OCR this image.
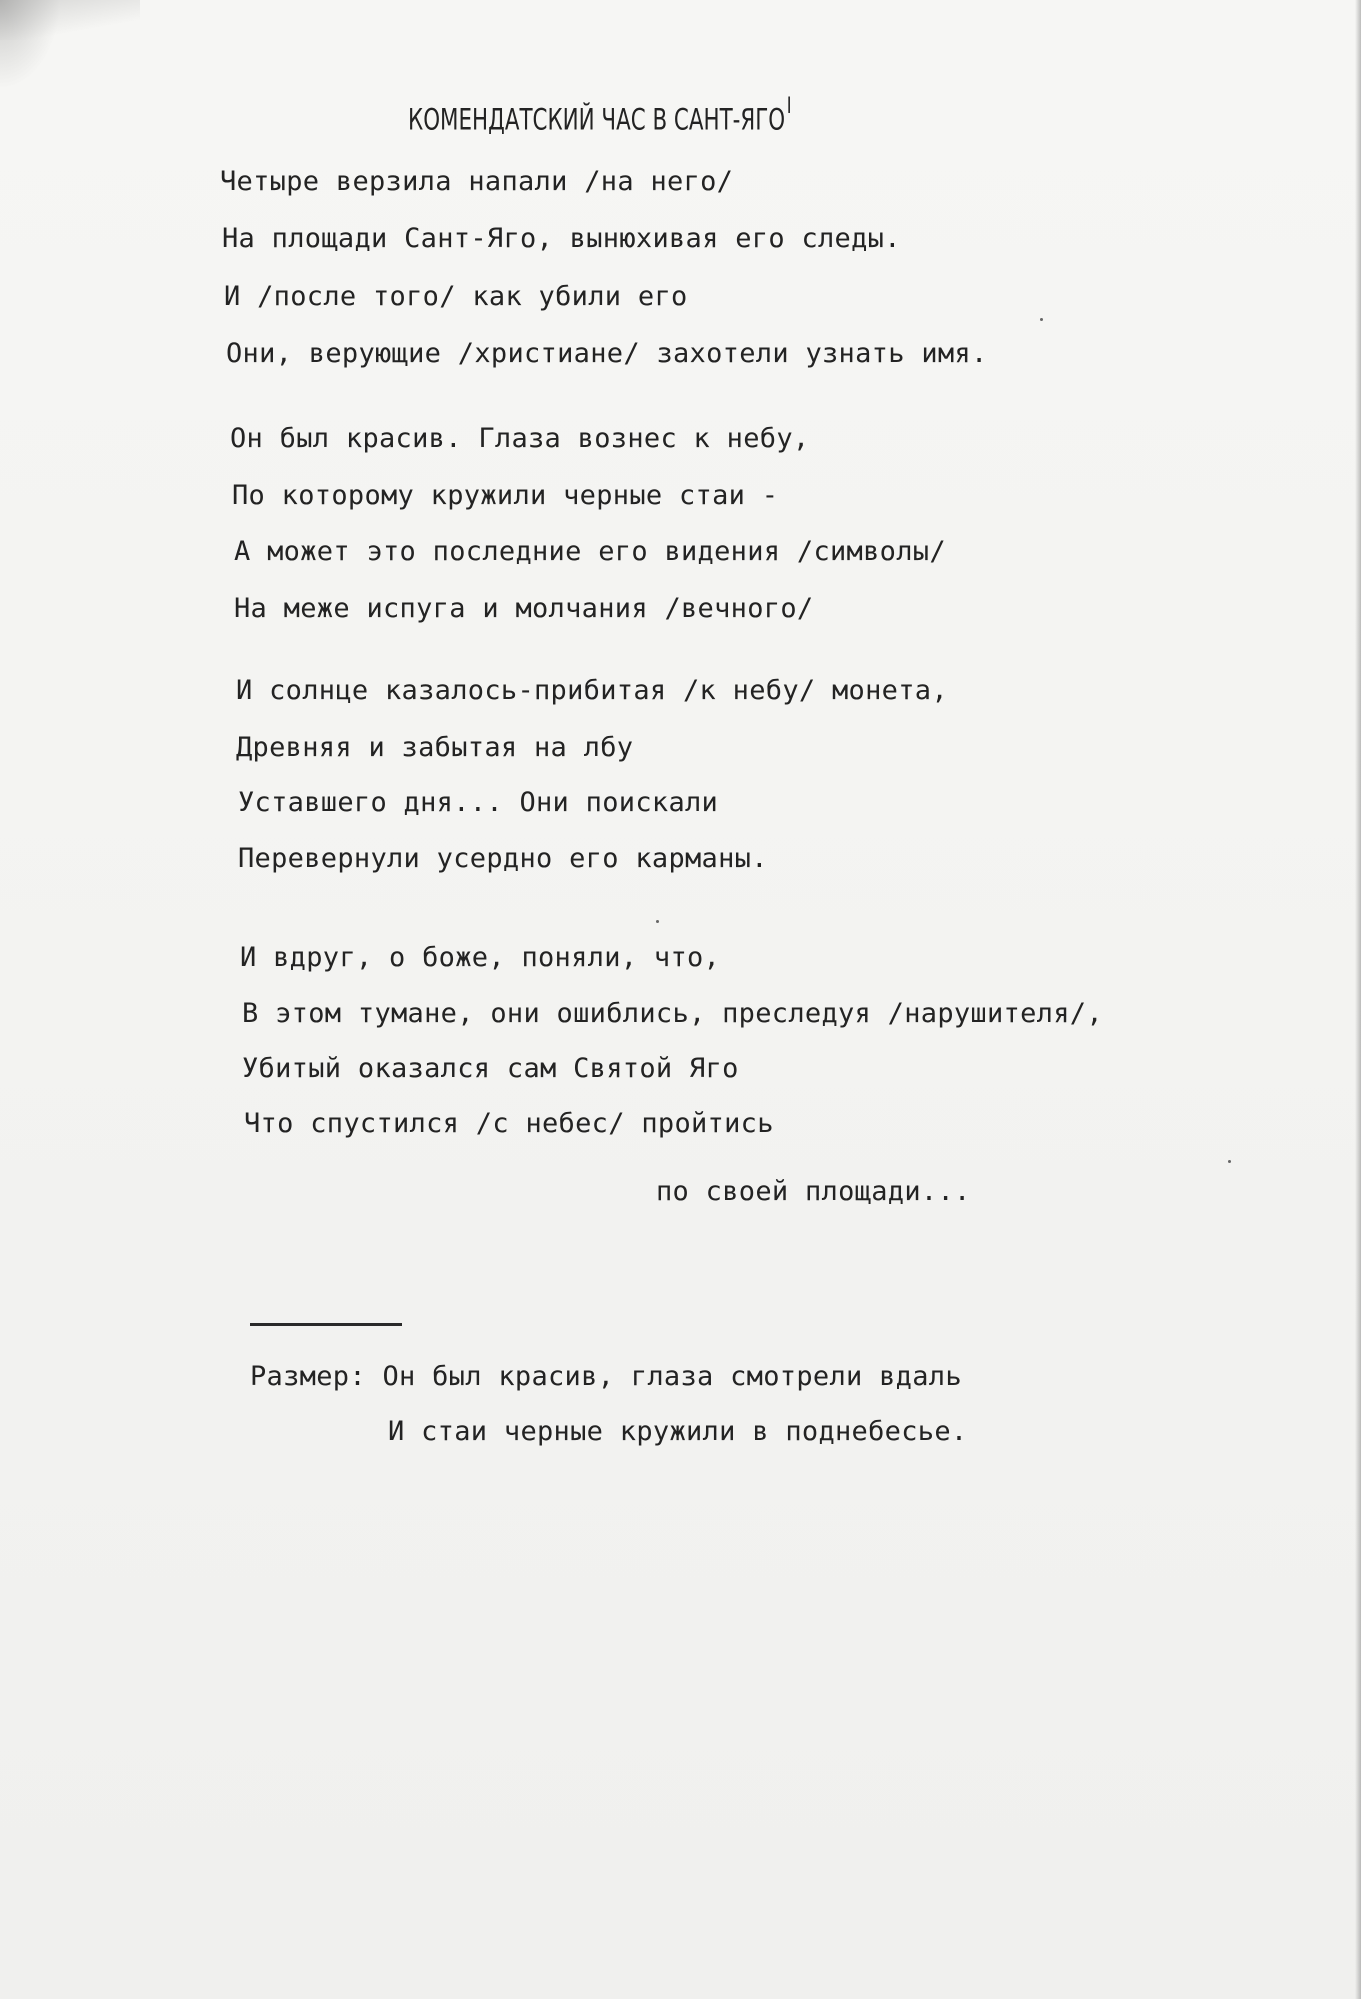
КОМЕНДАТСКИЙ ЧАС В САНТ-$ЯГО^I$
Четыре верзила напали /на него/
На площади Сант-Яго, вынюхивая его следы.
И /после того/ как убили его
Они, верующие /христиане/ захотели узнать имя.
Он был красив. Глаза вознес к небу,
По которому кружили черные стаи -
А может это последние его видения /символы/
На меже испуга и молчания /вечного/
И солнце казалось-прибитая /к небу/ монета,
Древняя и забытая на лбу
Уставшего дня... Они поискали
Перевернули усердно его карманы.
И вдруг, о боже, поняли, что,
В этом тумане, они ошиблись, преследуя /нарушителя/,
Убитый оказался сам Святой Яго
Что спустился /с небес/ пройтись
по своей площади...
Размер: Он был красив, глаза смотрели вдаль
И стаи черные кружили в поднебесье.
